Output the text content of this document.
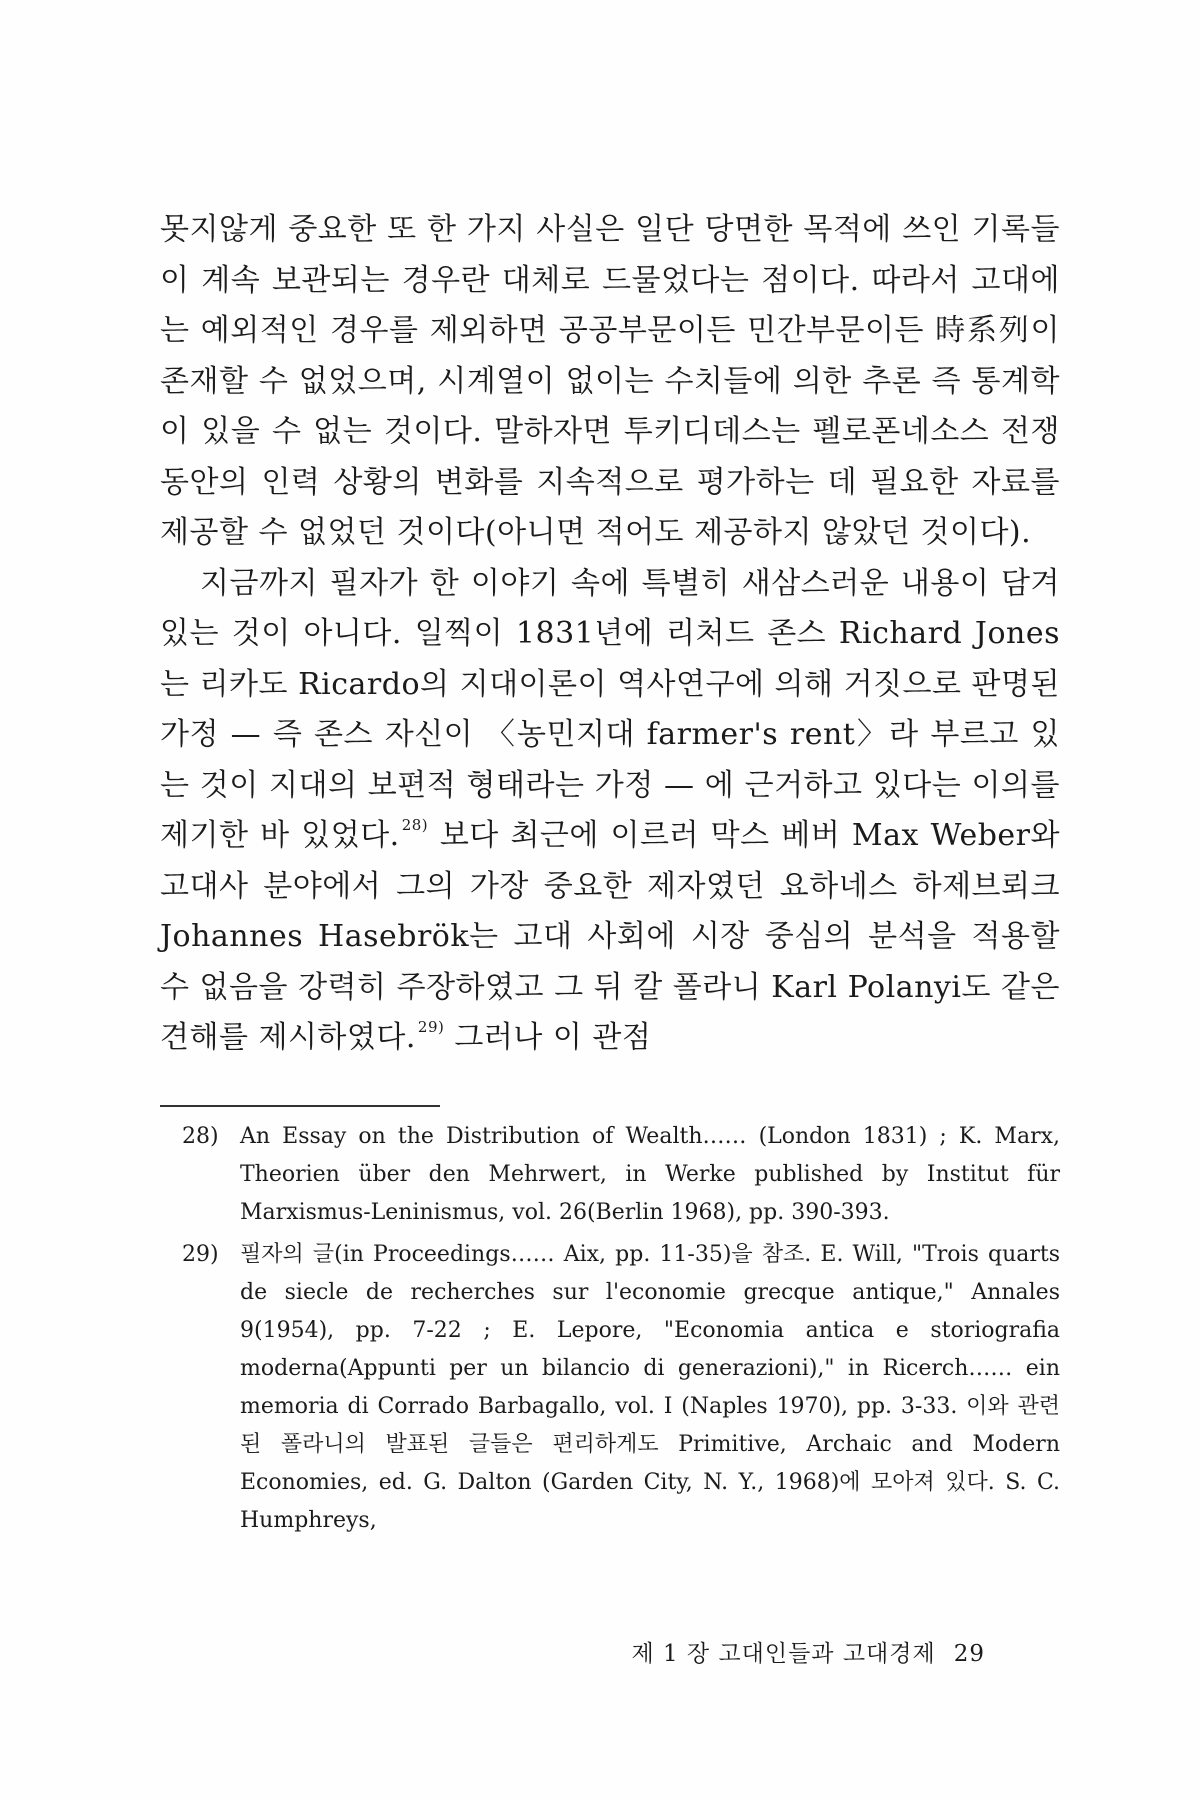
못지않게 중요한 또 한 가지 사실은 일단 당면한 목적에 쓰인 기록들이 계속 보관되는 경우란 대체로 드물었다는 점이다. 따라서 고대에는 예외적인 경우를 제외하면 공공부문이든 민간부문이든 時系列이 존재할 수 없었으며, 시계열이 없이는 수치들에 의한 추론 즉 통계학이 있을 수 없는 것이다. 말하자면 투키디데스는 펠로폰네소스 전쟁 동안의 인력 상황의 변화를 지속적으로 평가하는 데 필요한 자료를 제공할 수 없었던 것이다(아니면 적어도 제공하지 않았던 것이다).

지금까지 필자가 한 이야기 속에 특별히 새삼스러운 내용이 담겨 있는 것이 아니다. 일찍이 1831년에 리처드 존스 Richard Jones는 리카도 Ricardo의 지대이론이 역사연구에 의해 거짓으로 판명된 가정 — 즉 존스 자신이 〈농민지대 farmer's rent〉라 부르고 있는 것이 지대의 보편적 형태라는 가정 — 에 근거하고 있다는 이의를 제기한 바 있었다. $^{28)}$ 보다 최근에 이르러 막스 베버 Max Weber와 고대사 분야에서 그의 가장 중요한 제자였던 요하네스 하제브뢰크 Johannes Hasebrök는 고대 사회에 시장 중심의 분석을 적용할 수 없음을 강력히 주장하였고 그 뒤 칼 폴라니 Karl Polanyi도 같은 견해를 제시하였다. $^{29)}$ 그러나 이 관점

28) An Essay on the Distribution of Wealth…… (London 1831) ; K. Marx, Theorien über den Mehrwert, in Werke published by Institut für Marxismus-Leninismus, vol. 26(Berlin 1968), pp. 390-393.
29) 필자의 글(in Proceedings…… Aix, pp. 11-35)을 참조. E. Will, "Trois quarts de siecle de recherches sur l'economie grecque antique," Annales 9(1954), pp. 7-22 ; E. Lepore, "Economia antica e storiografia moderna(Appunti per un bilancio di generazioni)," in Ricerch…… ein memoria di Corrado Barbagallo, vol. I (Naples 1970), pp. 3-33. 이와 관련된 폴라니의 발표된 글들은 편리하게도 Primitive, Archaic and Modern Economies, ed. G. Dalton (Garden City, N. Y., 1968)에 모아져 있다. S. C. Humphreys,
제 1 장 고대인들과 고대경제 29
